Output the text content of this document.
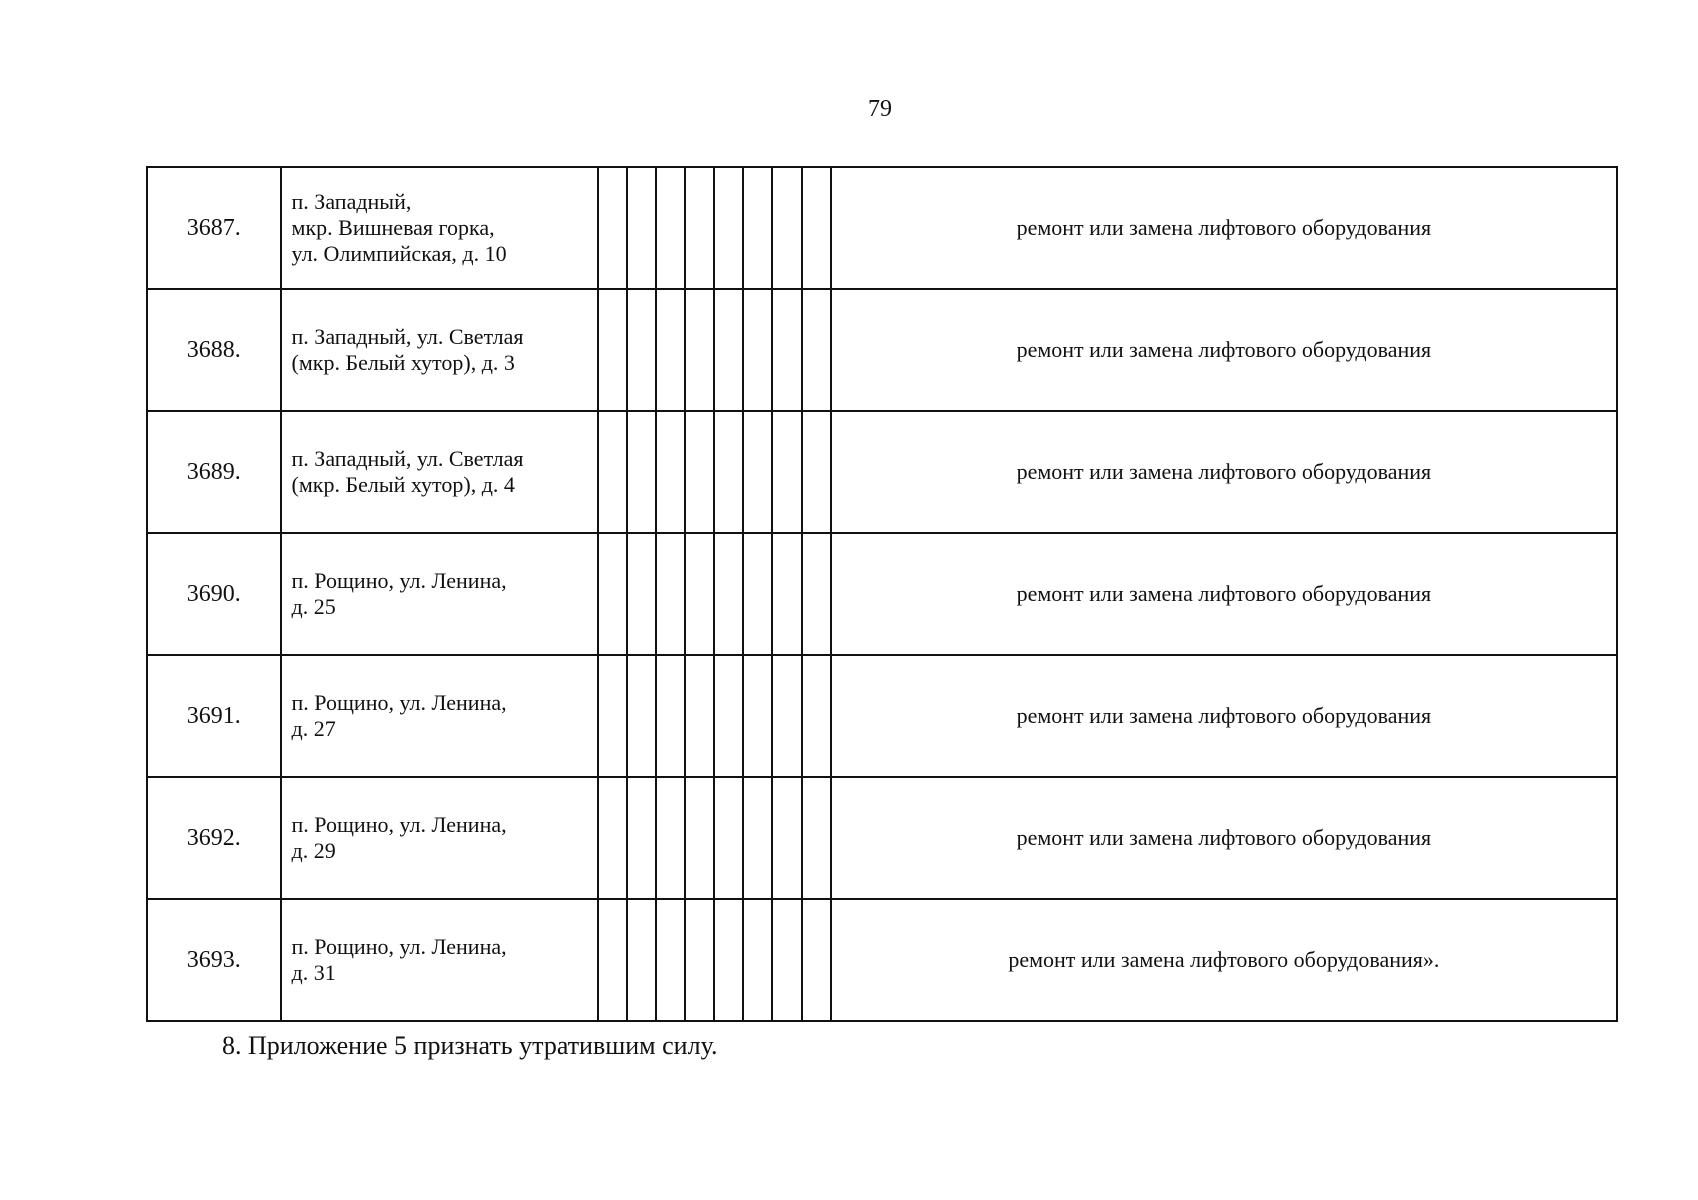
79
3687.	п. Западный,
мкр. Вишневая горка,
ул. Олимпийская, д. 10									ремонт или замена лифтового оборудования
3688.	п. Западный, ул. Светлая
(мкр. Белый хутор), д. 3									ремонт или замена лифтового оборудования
3689.	п. Западный, ул. Светлая
(мкр. Белый хутор), д. 4									ремонт или замена лифтового оборудования
3690.	п. Рощино, ул. Ленина,
д. 25									ремонт или замена лифтового оборудования
3691.	п. Рощино, ул. Ленина,
д. 27									ремонт или замена лифтового оборудования
3692.	п. Рощино, ул. Ленина,
д. 29									ремонт или замена лифтового оборудования
3693.	п. Рощино, ул. Ленина,
д. 31									ремонт или замена лифтового оборудования».
8. Приложение 5 признать утратившим силу.
